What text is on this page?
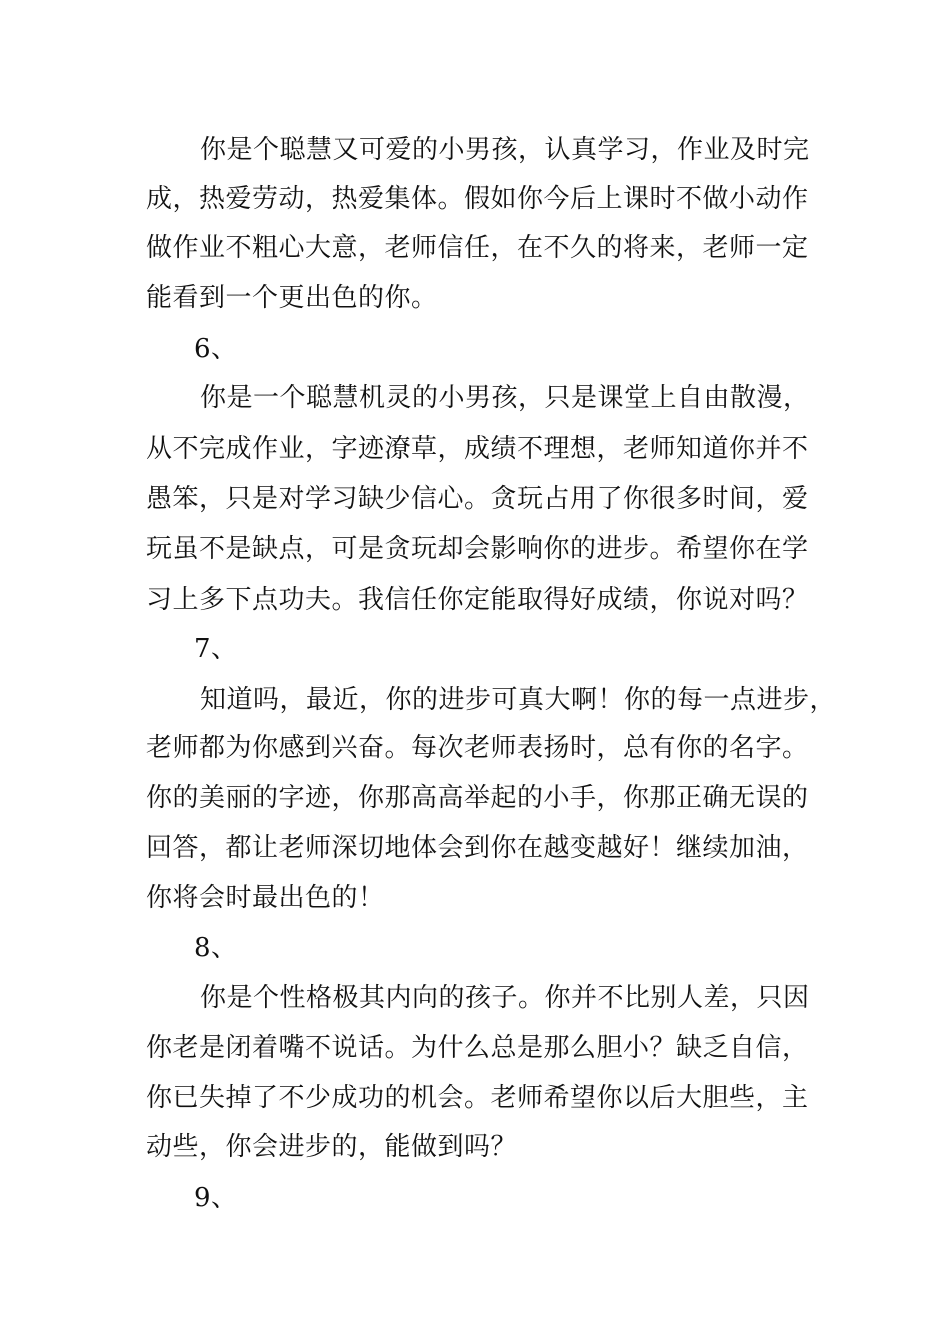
你是个聪慧又可爱的小男孩，认真学习，作业及时完
成，热爱劳动，热爱集体。假如你今后上课时不做小动作
做作业不粗心大意，老师信任，在不久的将来，老师一定
能看到一个更出色的你。
6、
你是一个聪慧机灵的小男孩，只是课堂上自由散漫，
从不完成作业，字迹潦草，成绩不理想，老师知道你并不
愚笨，只是对学习缺少信心。贪玩占用了你很多时间，爱
玩虽不是缺点，可是贪玩却会影响你的进步。希望你在学
习上多下点功夫。我信任你定能取得好成绩，你说对吗？
7、
知道吗，最近，你的进步可真大啊！你的每一点进步，
老师都为你感到兴奋。每次老师表扬时，总有你的名字。
你的美丽的字迹，你那高高举起的小手，你那正确无误的
回答，都让老师深切地体会到你在越变越好！继续加油，
你将会时最出色的！
8、
你是个性格极其内向的孩子。你并不比别人差，只因
你老是闭着嘴不说话。为什么总是那么胆小？缺乏自信，
你已失掉了不少成功的机会。老师希望你以后大胆些，主
动些，你会进步的，能做到吗？
9、
